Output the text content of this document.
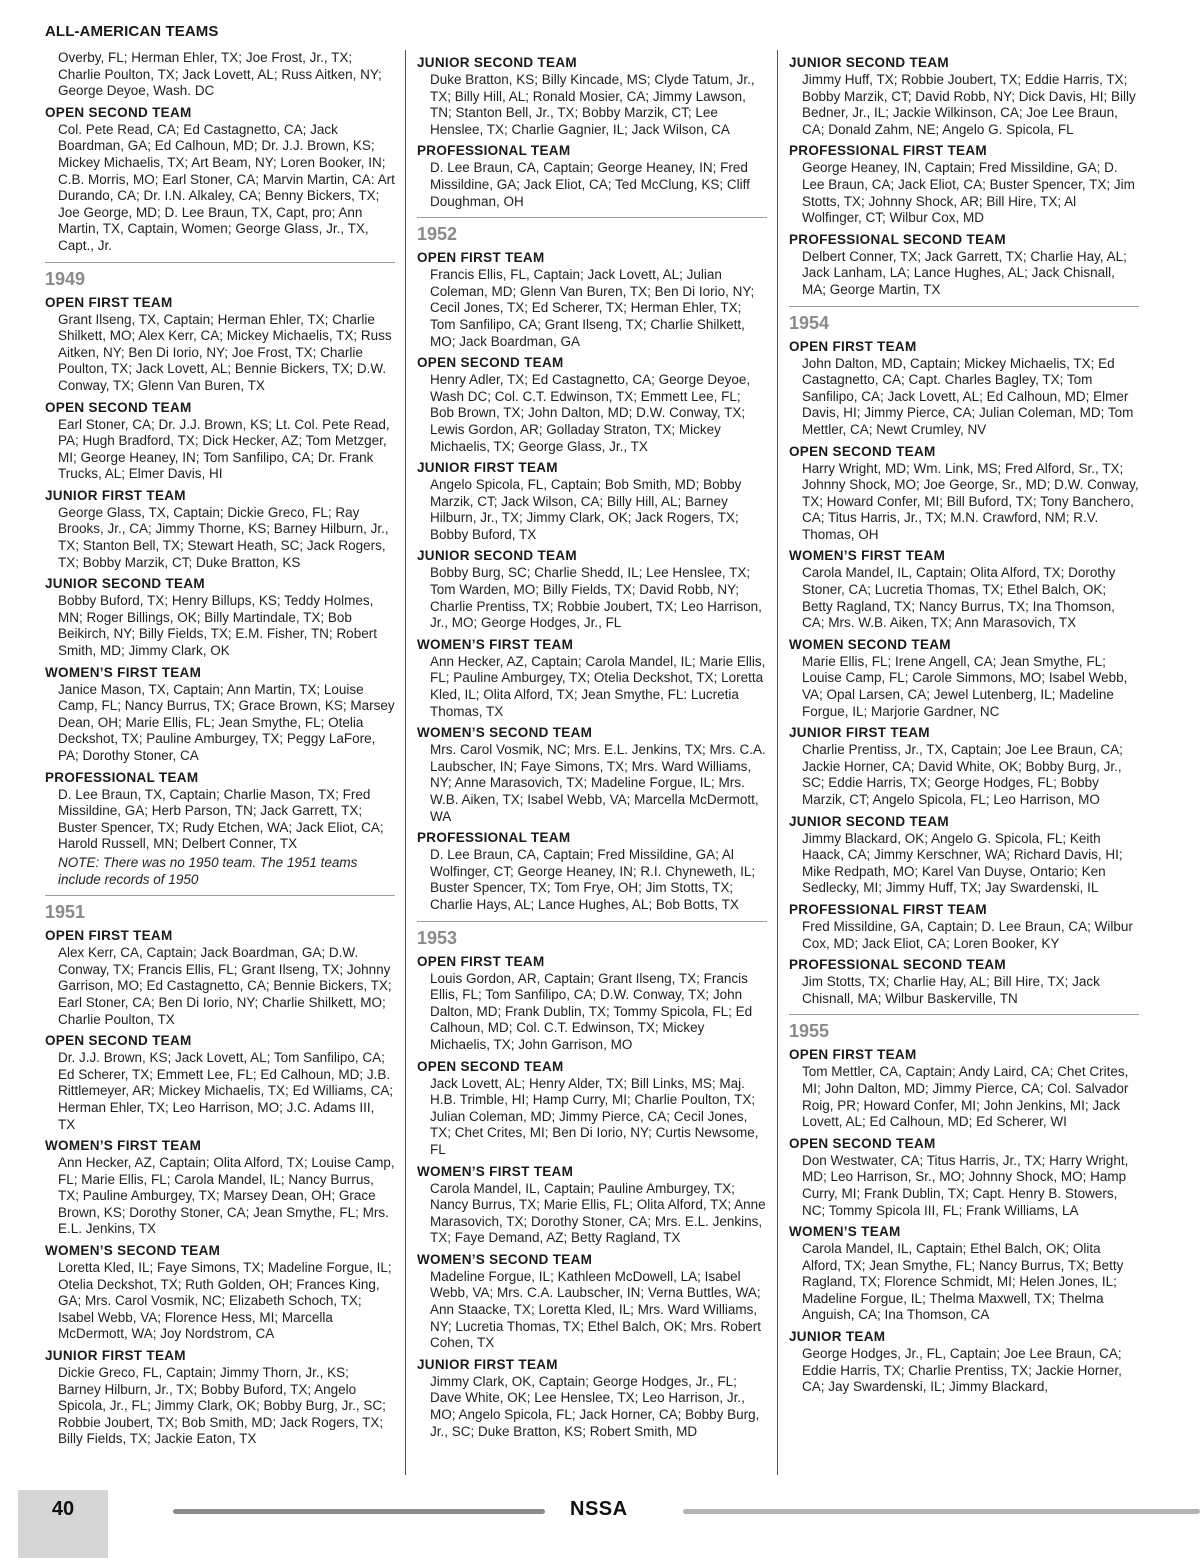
ALL-AMERICAN TEAMS
Overby, FL; Herman Ehler, TX; Joe Frost, Jr., TX; Charlie Poulton, TX; Jack Lovett, AL; Russ Aitken, NY; George Deyoe, Wash. DC
OPEN SECOND TEAM
Col. Pete Read, CA; Ed Castagnetto, CA; Jack Boardman, GA; Ed Calhoun, MD; Dr. J.J. Brown, KS; Mickey Michaelis, TX; Art Beam, NY; Loren Booker, IN; C.B. Morris, MO; Earl Stoner, CA; Marvin Martin, CA: Art Durando, CA; Dr. I.N. Alkaley, CA; Benny Bickers, TX; Joe George, MD; D. Lee Braun, TX, Capt, pro; Ann Martin, TX, Captain, Women; George Glass, Jr., TX, Capt., Jr.
1949
OPEN FIRST TEAM
Grant Ilseng, TX, Captain; Herman Ehler, TX; Charlie Shilkett, MO; Alex Kerr, CA; Mickey Michaelis, TX; Russ Aitken, NY; Ben Di Iorio, NY; Joe Frost, TX; Charlie Poulton, TX; Jack Lovett, AL; Bennie Bickers, TX; D.W. Conway, TX; Glenn Van Buren, TX
OPEN SECOND TEAM
Earl Stoner, CA; Dr. J.J. Brown, KS; Lt. Col. Pete Read, PA; Hugh Bradford, TX; Dick Hecker, AZ; Tom Metzger, MI; George Heaney, IN; Tom Sanfilipo, CA; Dr. Frank Trucks, AL; Elmer Davis, HI
JUNIOR FIRST TEAM
George Glass, TX, Captain; Dickie Greco, FL; Ray Brooks, Jr., CA; Jimmy Thorne, KS; Barney Hilburn, Jr., TX; Stanton Bell, TX; Stewart Heath, SC; Jack Rogers, TX; Bobby Marzik, CT; Duke Bratton, KS
JUNIOR SECOND TEAM
Bobby Buford, TX; Henry Billups, KS; Teddy Holmes, MN; Roger Billings, OK; Billy Martindale, TX; Bob Beikirch, NY; Billy Fields, TX; E.M. Fisher, TN; Robert Smith, MD; Jimmy Clark, OK
WOMEN’S FIRST TEAM
Janice Mason, TX, Captain; Ann Martin, TX; Louise Camp, FL; Nancy Burrus, TX; Grace Brown, KS; Marsey Dean, OH; Marie Ellis, FL; Jean Smythe, FL; Otelia Deckshot, TX; Pauline Amburgey, TX; Peggy LaFore, PA; Dorothy Stoner, CA
PROFESSIONAL TEAM
D. Lee Braun, TX, Captain; Charlie Mason, TX; Fred Missildine, GA; Herb Parson, TN; Jack Garrett, TX; Buster Spencer, TX; Rudy Etchen, WA; Jack Eliot, CA; Harold Russell, MN; Delbert Conner, TX
NOTE: There was no 1950 team. The 1951 teams include records of 1950
1951
OPEN FIRST TEAM
Alex Kerr, CA, Captain; Jack Boardman, GA; D.W. Conway, TX; Francis Ellis, FL; Grant Ilseng, TX; Johnny Garrison, MO; Ed Castagnetto, CA; Bennie Bickers, TX; Earl Stoner, CA; Ben Di Iorio, NY; Charlie Shilkett, MO; Charlie Poulton, TX
OPEN SECOND TEAM
Dr. J.J. Brown, KS; Jack Lovett, AL; Tom Sanfilipo, CA; Ed Scherer, TX; Emmett Lee, FL; Ed Calhoun, MD; J.B. Rittlemeyer, AR; Mickey Michaelis, TX; Ed Williams, CA; Herman Ehler, TX; Leo Harrison, MO; J.C. Adams III, TX
WOMEN’S FIRST TEAM
Ann Hecker, AZ, Captain; Olita Alford, TX; Louise Camp, FL; Marie Ellis, FL; Carola Mandel, IL; Nancy Burrus, TX; Pauline Amburgey, TX; Marsey Dean, OH; Grace Brown, KS; Dorothy Stoner, CA; Jean Smythe, FL; Mrs. E.L. Jenkins, TX
WOMEN’S SECOND TEAM
Loretta Kled, IL; Faye Simons, TX; Madeline Forgue, IL; Otelia Deckshot, TX; Ruth Golden, OH; Frances King, GA; Mrs. Carol Vosmik, NC; Elizabeth Schoch, TX; Isabel Webb, VA; Florence Hess, MI; Marcella McDermott, WA; Joy Nordstrom, CA
JUNIOR FIRST TEAM
Dickie Greco, FL, Captain; Jimmy Thorn, Jr., KS; Barney Hilburn, Jr., TX; Bobby Buford, TX; Angelo Spicola, Jr., FL; Jimmy Clark, OK; Bobby Burg, Jr., SC; Robbie Joubert, TX; Bob Smith, MD; Jack Rogers, TX; Billy Fields, TX; Jackie Eaton, TX
JUNIOR SECOND TEAM
Duke Bratton, KS; Billy Kincade, MS; Clyde Tatum, Jr., TX; Billy Hill, AL; Ronald Mosier, CA; Jimmy Lawson, TN; Stanton Bell, Jr., TX; Bobby Marzik, CT; Lee Henslee, TX; Charlie Gagnier, IL; Jack Wilson, CA
PROFESSIONAL TEAM
D. Lee Braun, CA, Captain; George Heaney, IN; Fred Missildine, GA; Jack Eliot, CA; Ted McClung, KS; Cliff Doughman, OH
1952
OPEN FIRST TEAM
Francis Ellis, FL, Captain; Jack Lovett, AL; Julian Coleman, MD; Glenn Van Buren, TX; Ben Di Iorio, NY; Cecil Jones, TX; Ed Scherer, TX; Herman Ehler, TX; Tom Sanfilipo, CA; Grant Ilseng, TX; Charlie Shilkett, MO; Jack Boardman, GA
OPEN SECOND TEAM
Henry Adler, TX; Ed Castagnetto, CA; George Deyoe, Wash DC; Col. C.T. Edwinson, TX; Emmett Lee, FL; Bob Brown, TX; John Dalton, MD; D.W. Conway, TX; Lewis Gordon, AR; Golladay Straton, TX; Mickey Michaelis, TX; George Glass, Jr., TX
JUNIOR FIRST TEAM
Angelo Spicola, FL, Captain; Bob Smith, MD; Bobby Marzik, CT; Jack Wilson, CA; Billy Hill, AL; Barney Hilburn, Jr., TX; Jimmy Clark, OK; Jack Rogers, TX; Bobby Buford, TX
JUNIOR SECOND TEAM
Bobby Burg, SC; Charlie Shedd, IL; Lee Henslee, TX; Tom Warden, MO; Billy Fields, TX; David Robb, NY; Charlie Prentiss, TX; Robbie Joubert, TX; Leo Harrison, Jr., MO; George Hodges, Jr., FL
WOMEN’S FIRST TEAM
Ann Hecker, AZ, Captain; Carola Mandel, IL; Marie Ellis, FL; Pauline Amburgey, TX; Otelia Deckshot, TX; Loretta Kled, IL; Olita Alford, TX; Jean Smythe, FL: Lucretia Thomas, TX
WOMEN’S SECOND TEAM
Mrs. Carol Vosmik, NC; Mrs. E.L. Jenkins, TX; Mrs. C.A. Laubscher, IN; Faye Simons, TX; Mrs. Ward Williams, NY; Anne Marasovich, TX; Madeline Forgue, IL; Mrs. W.B. Aiken, TX; Isabel Webb, VA; Marcella McDermott, WA
PROFESSIONAL TEAM
D. Lee Braun, CA, Captain; Fred Missildine, GA; Al Wolfinger, CT; George Heaney, IN; R.I. Chyneweth, IL; Buster Spencer, TX; Tom Frye, OH; Jim Stotts, TX; Charlie Hays, AL; Lance Hughes, AL; Bob Botts, TX
1953
OPEN FIRST TEAM
Louis Gordon, AR, Captain; Grant Ilseng, TX; Francis Ellis, FL; Tom Sanfilipo, CA; D.W. Conway, TX; John Dalton, MD; Frank Dublin, TX; Tommy Spicola, FL; Ed Calhoun, MD; Col. C.T. Edwinson, TX; Mickey Michaelis, TX; John Garrison, MO
OPEN SECOND TEAM
Jack Lovett, AL; Henry Alder, TX; Bill Links, MS; Maj. H.B. Trimble, HI; Hamp Curry, MI; Charlie Poulton, TX; Julian Coleman, MD; Jimmy Pierce, CA; Cecil Jones, TX; Chet Crites, MI; Ben Di Iorio, NY; Curtis Newsome, FL
WOMEN’S FIRST TEAM
Carola Mandel, IL, Captain; Pauline Amburgey, TX; Nancy Burrus, TX; Marie Ellis, FL; Olita Alford, TX; Anne Marasovich, TX; Dorothy Stoner, CA; Mrs. E.L. Jenkins, TX; Faye Demand, AZ; Betty Ragland, TX
WOMEN’S SECOND TEAM
Madeline Forgue, IL; Kathleen McDowell, LA; Isabel Webb, VA; Mrs. C.A. Laubscher, IN; Verna Buttles, WA; Ann Staacke, TX; Loretta Kled, IL; Mrs. Ward Williams, NY; Lucretia Thomas, TX; Ethel Balch, OK; Mrs. Robert Cohen, TX
JUNIOR FIRST TEAM
Jimmy Clark, OK, Captain; George Hodges, Jr., FL; Dave White, OK; Lee Henslee, TX; Leo Harrison, Jr., MO; Angelo Spicola, FL; Jack Horner, CA; Bobby Burg, Jr., SC; Duke Bratton, KS; Robert Smith, MD
JUNIOR SECOND TEAM
Jimmy Huff, TX; Robbie Joubert, TX; Eddie Harris, TX; Bobby Marzik, CT; David Robb, NY; Dick Davis, HI; Billy Bedner, Jr., IL; Jackie Wilkinson, CA; Joe Lee Braun, CA; Donald Zahm, NE; Angelo G. Spicola, FL
PROFESSIONAL FIRST TEAM
George Heaney, IN, Captain; Fred Missildine, GA; D. Lee Braun, CA; Jack Eliot, CA; Buster Spencer, TX; Jim Stotts, TX; Johnny Shock, AR; Bill Hire, TX; Al Wolfinger, CT; Wilbur Cox, MD
PROFESSIONAL SECOND TEAM
Delbert Conner, TX; Jack Garrett, TX; Charlie Hay, AL; Jack Lanham, LA; Lance Hughes, AL; Jack Chisnall, MA; George Martin, TX
1954
OPEN FIRST TEAM
John Dalton, MD, Captain; Mickey Michaelis, TX; Ed Castagnetto, CA; Capt. Charles Bagley, TX; Tom Sanfilipo, CA; Jack Lovett, AL; Ed Calhoun, MD; Elmer Davis, HI; Jimmy Pierce, CA; Julian Coleman, MD; Tom Mettler, CA; Newt Crumley, NV
OPEN SECOND TEAM
Harry Wright, MD; Wm. Link, MS; Fred Alford, Sr., TX; Johnny Shock, MO; Joe George, Sr., MD; D.W. Conway, TX; Howard Confer, MI; Bill Buford, TX; Tony Banchero, CA; Titus Harris, Jr., TX; M.N. Crawford, NM; R.V. Thomas, OH
WOMEN’S FIRST TEAM
Carola Mandel, IL, Captain; Olita Alford, TX; Dorothy Stoner, CA; Lucretia Thomas, TX; Ethel Balch, OK; Betty Ragland, TX; Nancy Burrus, TX; Ina Thomson, CA; Mrs. W.B. Aiken, TX; Ann Marasovich, TX
WOMEN SECOND TEAM
Marie Ellis, FL; Irene Angell, CA; Jean Smythe, FL; Louise Camp, FL; Carole Simmons, MO; Isabel Webb, VA; Opal Larsen, CA; Jewel Lutenberg, IL; Madeline Forgue, IL; Marjorie Gardner, NC
JUNIOR FIRST TEAM
Charlie Prentiss, Jr., TX, Captain; Joe Lee Braun, CA; Jackie Horner, CA; David White, OK; Bobby Burg, Jr., SC; Eddie Harris, TX; George Hodges, FL; Bobby Marzik, CT; Angelo Spicola, FL; Leo Harrison, MO
JUNIOR SECOND TEAM
Jimmy Blackard, OK; Angelo G. Spicola, FL; Keith Haack, CA; Jimmy Kerschner, WA; Richard Davis, HI; Mike Redpath, MO; Karel Van Duyse, Ontario; Ken Sedlecky, MI; Jimmy Huff, TX; Jay Swardenski, IL
PROFESSIONAL FIRST TEAM
Fred Missildine, GA, Captain; D. Lee Braun, CA; Wilbur Cox, MD; Jack Eliot, CA; Loren Booker, KY
PROFESSIONAL SECOND TEAM
Jim Stotts, TX; Charlie Hay, AL; Bill Hire, TX; Jack Chisnall, MA; Wilbur Baskerville, TN
1955
OPEN FIRST TEAM
Tom Mettler, CA, Captain; Andy Laird, CA; Chet Crites, MI; John Dalton, MD; Jimmy Pierce, CA; Col. Salvador Roig, PR; Howard Confer, MI; John Jenkins, MI; Jack Lovett, AL; Ed Calhoun, MD; Ed Scherer, WI
OPEN SECOND TEAM
Don Westwater, CA; Titus Harris, Jr., TX; Harry Wright, MD; Leo Harrison, Sr., MO; Johnny Shock, MO; Hamp Curry, MI; Frank Dublin, TX; Capt. Henry B. Stowers, NC; Tommy Spicola III, FL; Frank Williams, LA
WOMEN’S TEAM
Carola Mandel, IL, Captain; Ethel Balch, OK; Olita Alford, TX; Jean Smythe, FL; Nancy Burrus, TX; Betty Ragland, TX; Florence Schmidt, MI; Helen Jones, IL; Madeline Forgue, IL; Thelma Maxwell, TX; Thelma Anguish, CA; Ina Thomson, CA
JUNIOR TEAM
George Hodges, Jr., FL, Captain; Joe Lee Braun, CA; Eddie Harris, TX; Charlie Prentiss, TX; Jackie Horner, CA; Jay Swardenski, IL; Jimmy Blackard,
40	NSSA
